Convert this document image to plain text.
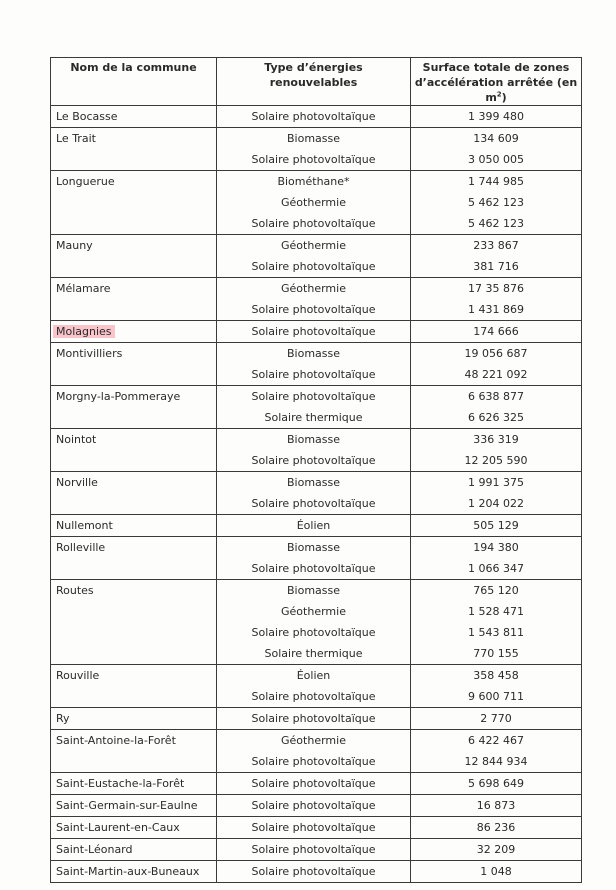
Nom de la commune	Type d’énergies renouvelables	Surface totale de zones
d’accélération arrêtée (en $m^2$)

Le Bocasse	Solaire photovoltaïque	1 399 480
Le Trait	Biomasse	134 609
	Solaire photovoltaïque	3 050 005
Longuerue	Biométhane*	1 744 985
	Géothermie	5 462 123
	Solaire photovoltaïque	5 462 123
Mauny	Géothermie	233 867
	Solaire photovoltaïque	381 716
Mélamare	Géothermie	17 35 876
	Solaire photovoltaïque	1 431 869
Molagnies	Solaire photovoltaïque	174 666
Montivilliers	Biomasse	19 056 687
	Solaire photovoltaïque	48 221 092
Morgny-la-Pommeraye	Solaire photovoltaïque	6 638 877
	Solaire thermique	6 626 325
Nointot	Biomasse	336 319
	Solaire photovoltaïque	12 205 590
Norville	Biomasse	1 991 375
	Solaire photovoltaïque	1 204 022
Nullemont	Éolien	505 129
Rolleville	Biomasse	194 380
	Solaire photovoltaïque	1 066 347
Routes	Biomasse	765 120
	Géothermie	1 528 471
	Solaire photovoltaïque	1 543 811
	Solaire thermique	770 155
Rouville	Éolien	358 458
	Solaire photovoltaïque	9 600 711
Ry	Solaire photovoltaïque	2 770
Saint-Antoine-la-Forêt	Géothermie	6 422 467
	Solaire photovoltaïque	12 844 934
Saint-Eustache-la-Forêt	Solaire photovoltaïque	5 698 649
Saint-Germain-sur-Eaulne	Solaire photovoltaïque	16 873
Saint-Laurent-en-Caux	Solaire photovoltaïque	86 236
Saint-Léonard	Solaire photovoltaïque	32 209
Saint-Martin-aux-Buneaux	Solaire photovoltaïque	1 048
